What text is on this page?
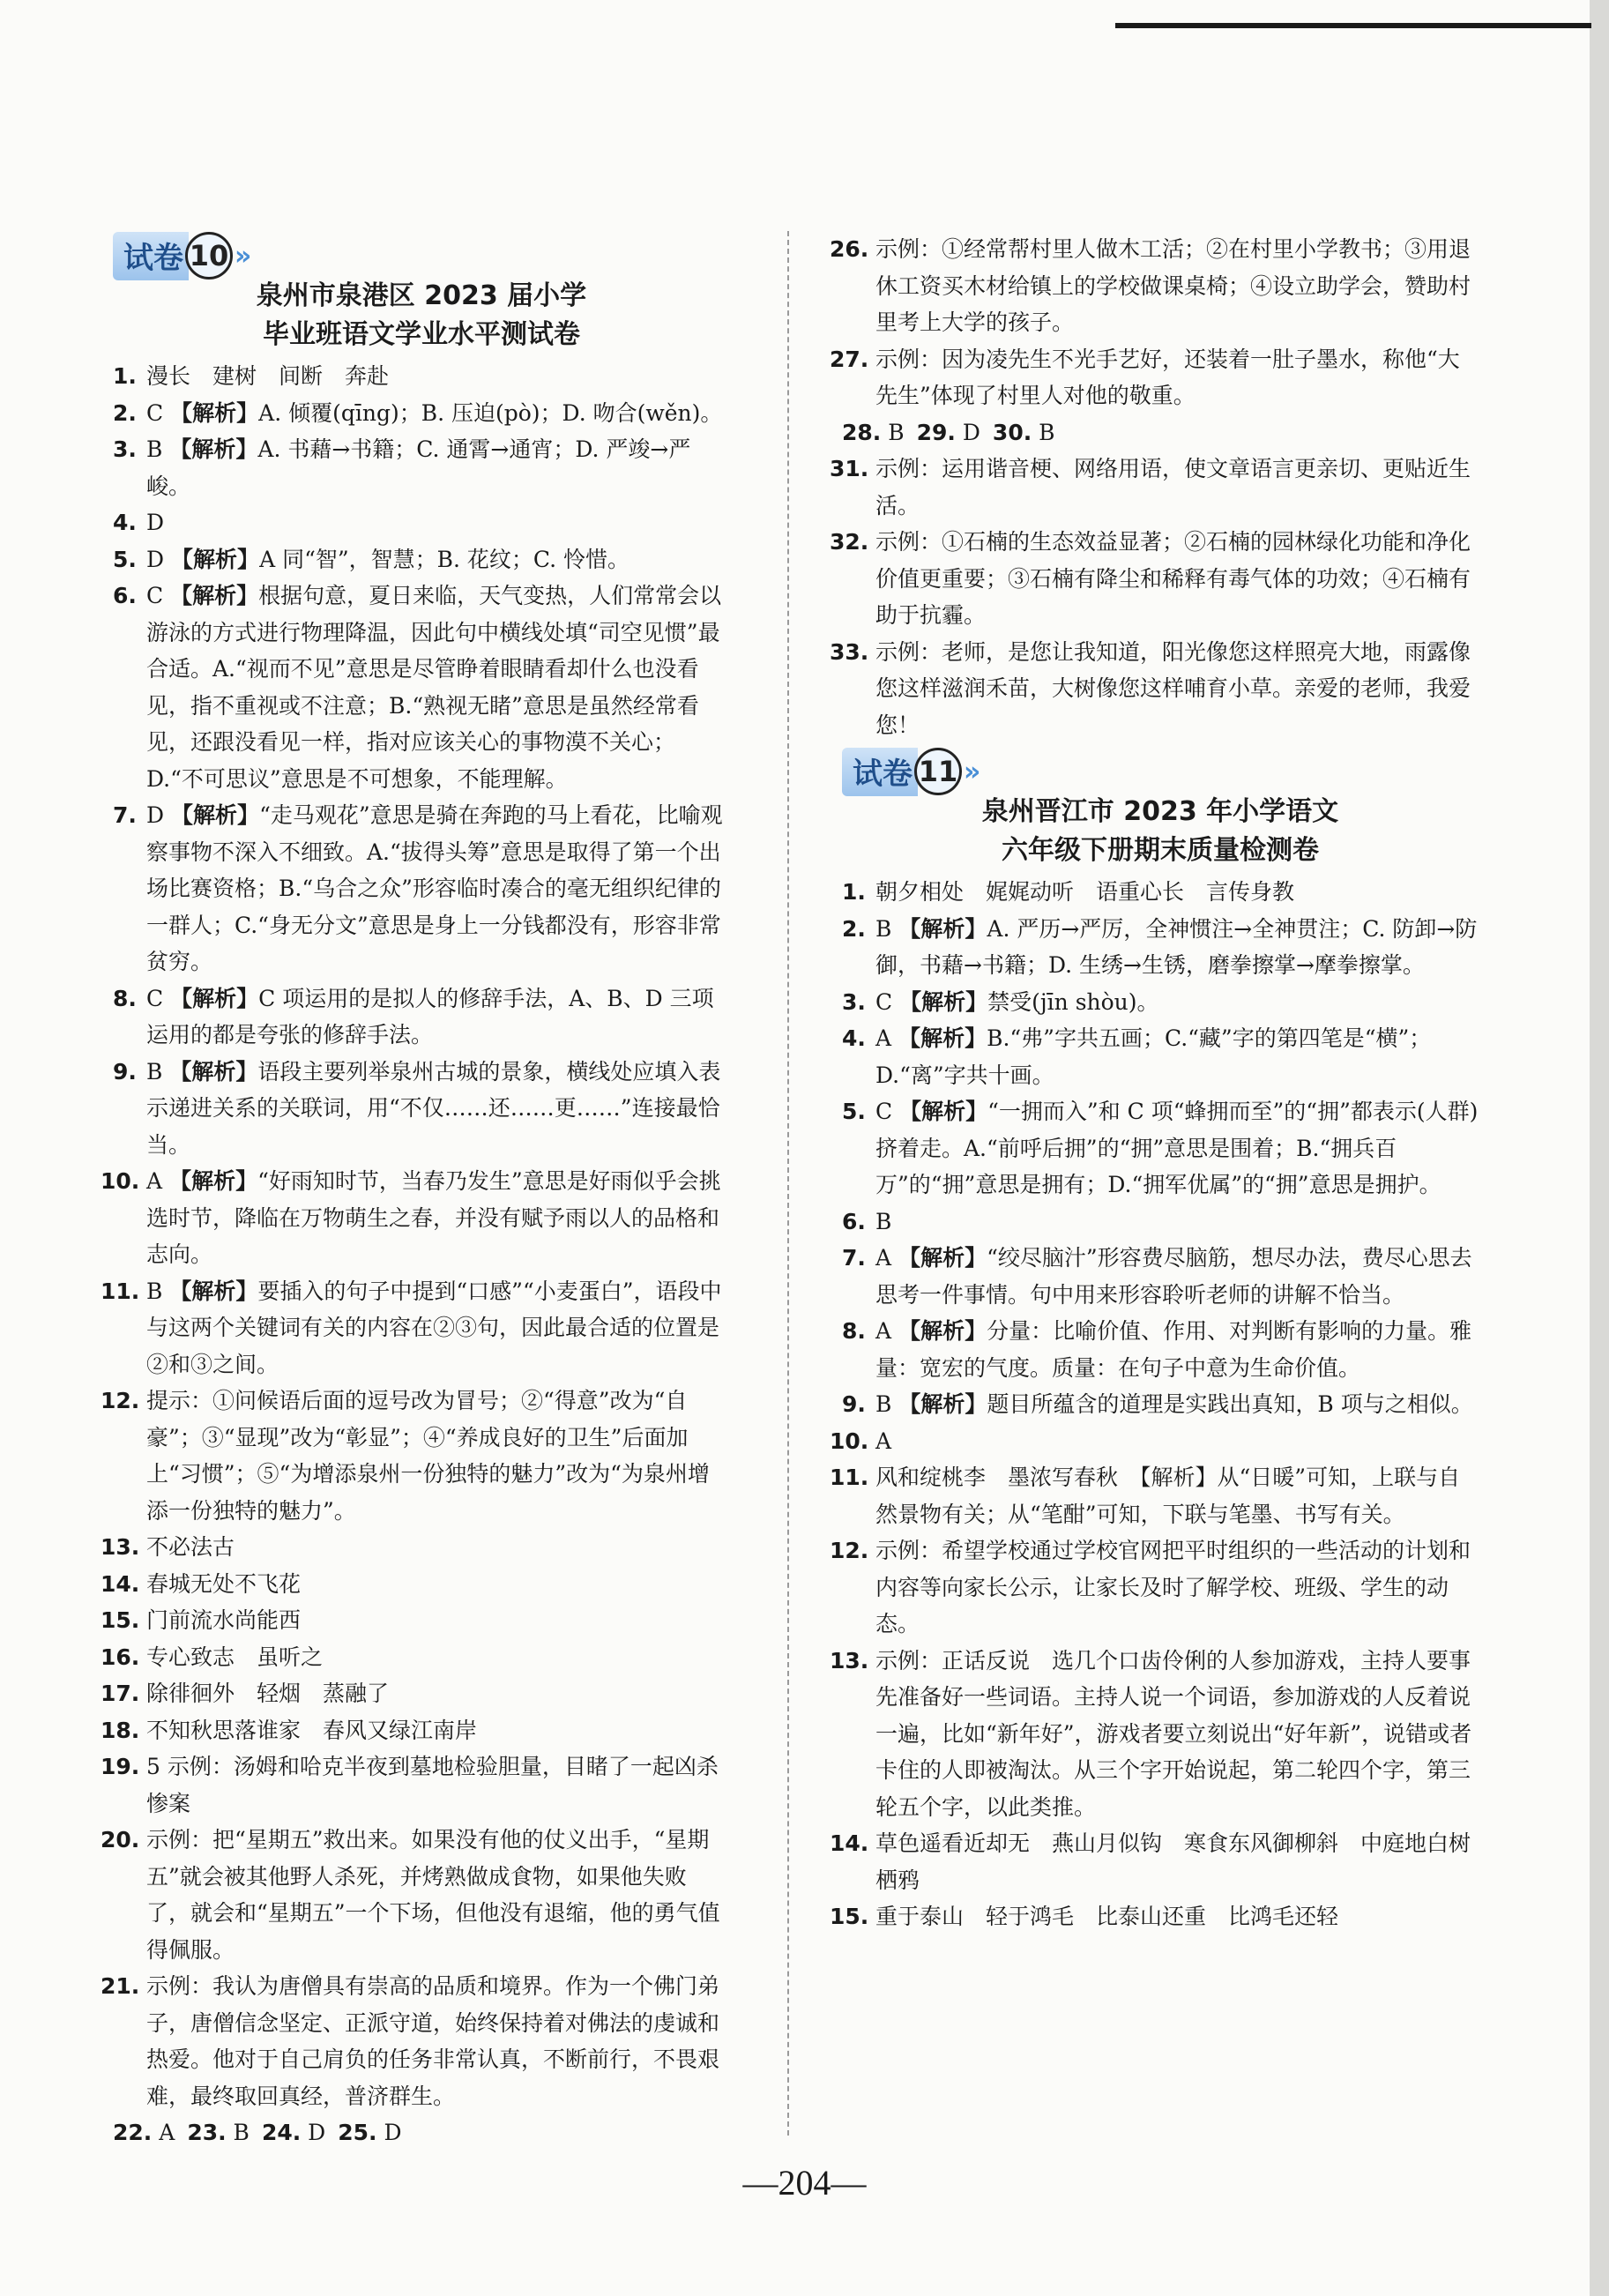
试卷 10 »
泉州市泉港区 2023 届小学
毕业班语文学业水平测试卷
1. 漫长　建树　间断　奔赴
2. C 【解析】A. 倾覆(qīng)；B. 压迫(pò)；D. 吻合(wěn)。
3. B 【解析】A. 书藉→书籍；C. 通霄→通宵；D. 严竣→严峻。
4. D
5. D 【解析】A 同“智”，智慧；B. 花纹；C. 怜惜。
6. C 【解析】根据句意，夏日来临，天气变热，人们常常会以游泳的方式进行物理降温，因此句中横线处填“司空见惯”最合适。A.“视而不见”意思是尽管睁着眼睛看却什么也没看见，指不重视或不注意；B.“熟视无睹”意思是虽然经常看见，还跟没看见一样，指对应该关心的事物漠不关心；D.“不可思议”意思是不可想象，不能理解。
7. D 【解析】“走马观花”意思是骑在奔跑的马上看花，比喻观察事物不深入不细致。A.“拔得头筹”意思是取得了第一个出场比赛资格；B.“乌合之众”形容临时凑合的毫无组织纪律的一群人；C.“身无分文”意思是身上一分钱都没有，形容非常贫穷。
8. C 【解析】C 项运用的是拟人的修辞手法，A、B、D 三项运用的都是夸张的修辞手法。
9. B 【解析】语段主要列举泉州古城的景象，横线处应填入表示递进关系的关联词，用“不仅……还……更……”连接最恰当。
10. A 【解析】“好雨知时节，当春乃发生”意思是好雨似乎会挑选时节，降临在万物萌生之春，并没有赋予雨以人的品格和志向。
11. B 【解析】要插入的句子中提到“口感”“小麦蛋白”，语段中与这两个关键词有关的内容在②③句，因此最合适的位置是②和③之间。
12. 提示：①问候语后面的逗号改为冒号；②“得意”改为“自豪”；③“显现”改为“彰显”；④“养成良好的卫生”后面加上“习惯”；⑤“为增添泉州一份独特的魅力”改为“为泉州增添一份独特的魅力”。
13. 不必法古
14. 春城无处不飞花
15. 门前流水尚能西
16. 专心致志　虽听之
17. 除徘徊外　轻烟　蒸融了
18. 不知秋思落谁家　春风又绿江南岸
19. 5 示例：汤姆和哈克半夜到墓地检验胆量，目睹了一起凶杀惨案
20. 示例：把“星期五”救出来。如果没有他的仗义出手，“星期五”就会被其他野人杀死，并烤熟做成食物，如果他失败了，就会和“星期五”一个下场，但他没有退缩，他的勇气值得佩服。
21. 示例：我认为唐僧具有崇高的品质和境界。作为一个佛门弟子，唐僧信念坚定、正派守道，始终保持着对佛法的虔诚和热爱。他对于自己肩负的任务非常认真，不断前行，不畏艰难，最终取回真经，普济群生。
22. A 23. B 24. D 25. D
26. 示例：①经常帮村里人做木工活；②在村里小学教书；③用退休工资买木材给镇上的学校做课桌椅；④设立助学会，赞助村里考上大学的孩子。
27. 示例：因为凌先生不光手艺好，还装着一肚子墨水，称他“大先生”体现了村里人对他的敬重。
28. B 29. D 30. B
31. 示例：运用谐音梗、网络用语，使文章语言更亲切、更贴近生活。
32. 示例：①石楠的生态效益显著；②石楠的园林绿化功能和净化价值更重要；③石楠有降尘和稀释有毒气体的功效；④石楠有助于抗霾。
33. 示例：老师，是您让我知道，阳光像您这样照亮大地，雨露像您这样滋润禾苗，大树像您这样哺育小草。亲爱的老师，我爱您！
试卷 11 »
泉州晋江市 2023 年小学语文
六年级下册期末质量检测卷
1. 朝夕相处　娓娓动听　语重心长　言传身教
2. B 【解析】A. 严历→严厉，全神惯注→全神贯注；C. 防卸→防御，书藉→书籍；D. 生绣→生锈，磨拳擦掌→摩拳擦掌。
3. C 【解析】禁受(jīn shòu)。
4. A 【解析】B.“弗”字共五画；C.“藏”字的第四笔是“横”；D.“离”字共十画。
5. C 【解析】“一拥而入”和 C 项“蜂拥而至”的“拥”都表示(人群)挤着走。A.“前呼后拥”的“拥”意思是围着；B.“拥兵百万”的“拥”意思是拥有；D.“拥军优属”的“拥”意思是拥护。
6. B
7. A 【解析】“绞尽脑汁”形容费尽脑筋，想尽办法，费尽心思去思考一件事情。句中用来形容聆听老师的讲解不恰当。
8. A 【解析】分量：比喻价值、作用、对判断有影响的力量。雅量：宽宏的气度。质量：在句子中意为生命价值。
9. B 【解析】题目所蕴含的道理是实践出真知，B 项与之相似。
10. A
11. 风和绽桃李　墨浓写春秋　【解析】从“日暖”可知，上联与自然景物有关；从“笔酣”可知，下联与笔墨、书写有关。
12. 示例：希望学校通过学校官网把平时组织的一些活动的计划和内容等向家长公示，让家长及时了解学校、班级、学生的动态。
13. 示例：正话反说　选几个口齿伶俐的人参加游戏，主持人要事先准备好一些词语。主持人说一个词语，参加游戏的人反着说一遍，比如“新年好”，游戏者要立刻说出“好年新”，说错或者卡住的人即被淘汰。从三个字开始说起，第二轮四个字，第三轮五个字，以此类推。
14. 草色遥看近却无　燕山月似钩　寒食东风御柳斜　中庭地白树栖鸦
15. 重于泰山　轻于鸿毛　比泰山还重　比鸿毛还轻
—204—
